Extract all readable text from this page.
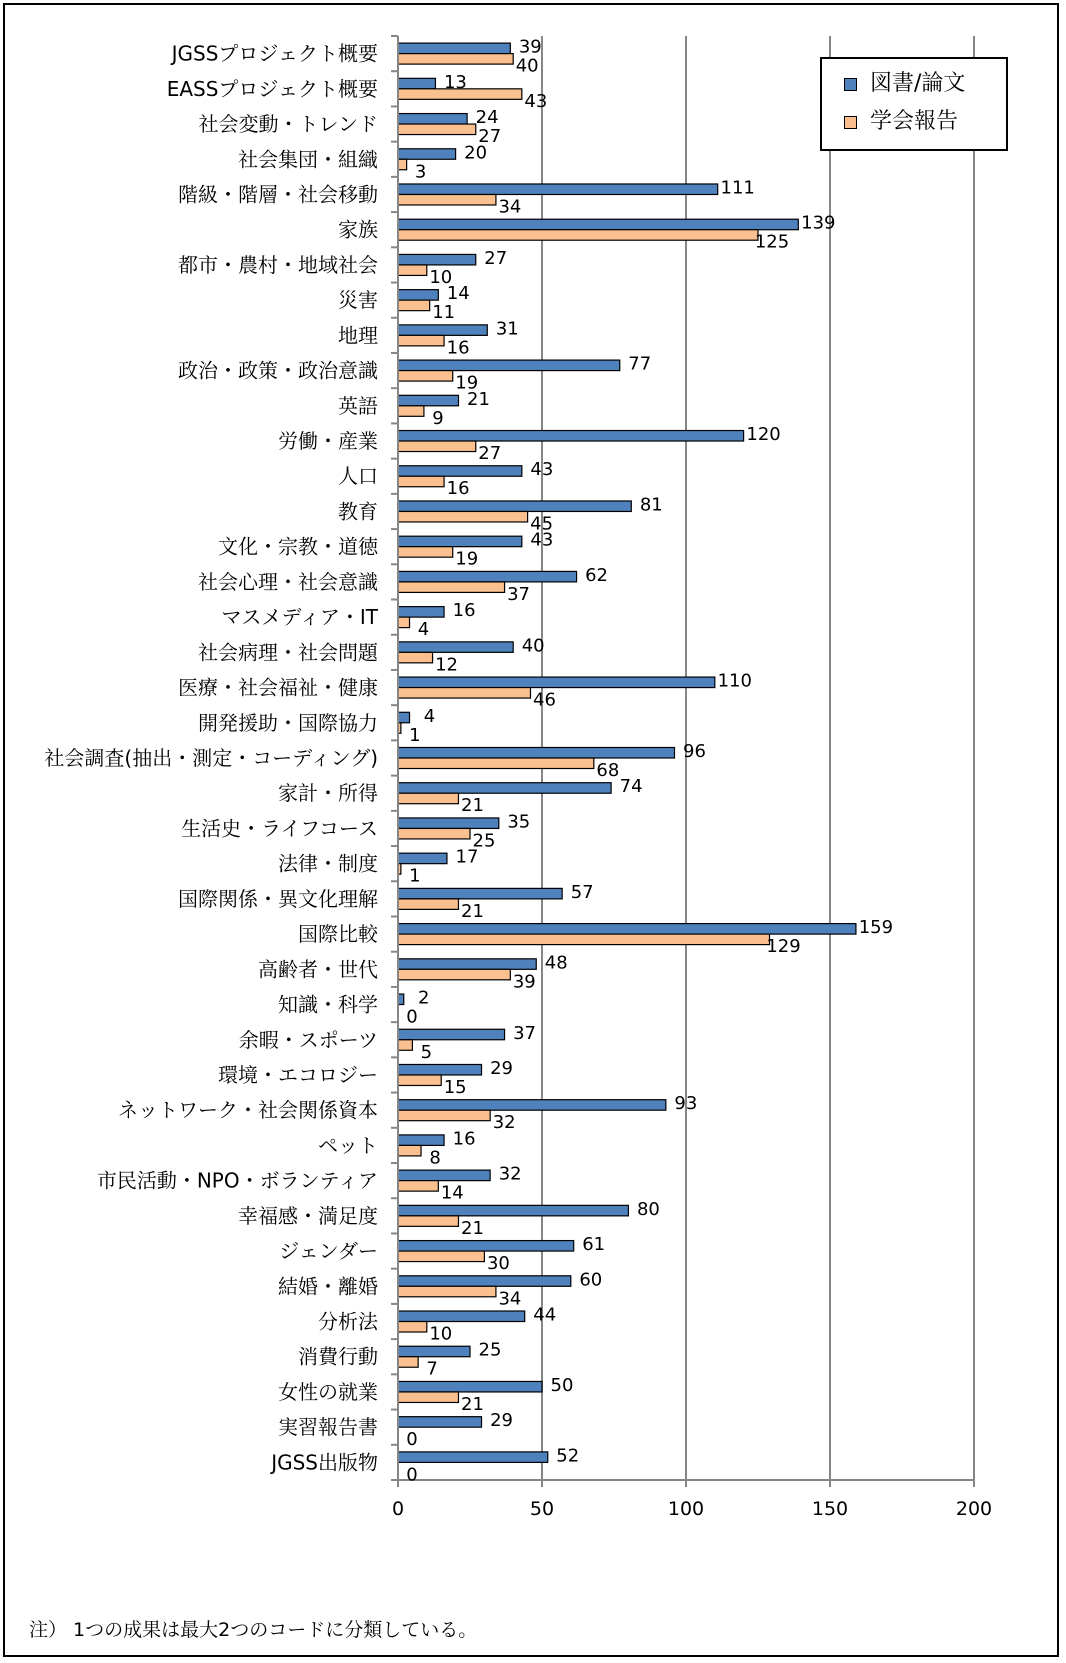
0	50	100	150	200
39
40
JGSSプロジェクト概要
13
43
EASSプロジェクト概要
24
27
社会変動・トレンド
20
3
社会集団・組織
111
34
階級・階層・社会移動
139
125
家族
27
10
都市・農村・地域社会
14
11
災害
31
16
地理
77
19
政治・政策・政治意識
21
9
英語
120
27
労働・産業
43
16
人口
81
45
教育
43
19
文化・宗教・道徳
62
37
社会心理・社会意識
16
4
マスメディア・IT
40
12
社会病理・社会問題
110
46
医療・社会福祉・健康
4
1
開発援助・国際協力
96
68
社会調査(抽出・測定・コーディング)
74
21
家計・所得
35
25
生活史・ライフコース
17
1
法律・制度
57
21
国際関係・異文化理解
159
129
国際比較
48
39
高齢者・世代
2
0
知識・科学
37
5
余暇・スポーツ
29
15
環境・エコロジー
93
32
ネットワーク・社会関係資本
16
8
ペット
32
14
市民活動・NPO・ボランティア
80
21
幸福感・満足度
61
30
ジェンダー
60
34
結婚・離婚
44
10
分析法
25
7
消費行動
50
21
女性の就業
29
0
実習報告書
52
0
JGSS出版物
図書/論文
学会報告
注） 1つの成果は最大2つのコードに分類している。
